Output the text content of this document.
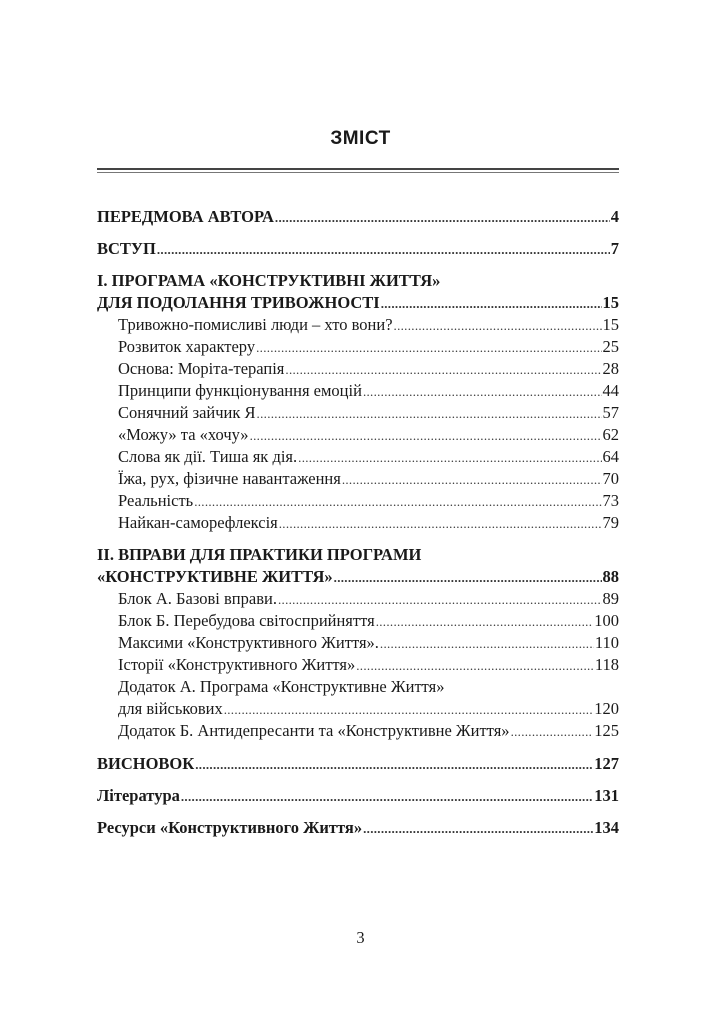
ЗМІСТ
ПЕРЕДМОВА АВТОРА .....	4
ВСТУП .....	7
І. ПРОГРАМА «КОНСТРУКТИВНІ ЖИТТЯ»
ДЛЯ ПОДОЛАННЯ ТРИВОЖНОСТІ .....	15
Тривожно-помисливі люди – хто вони? .....	15
Розвиток характеру .....	25
Основа: Моріта-терапія .....	28
Принципи функціонування емоцій .....	44
Сонячний зайчик Я .....	57
«Можу» та «хочу» .....	62
Слова як дії. Тиша як дія. .....	64
Їжа, рух, фізичне навантаження .....	70
Реальність .....	73
Найкан-саморефлексія .....	79
ІІ. ВПРАВИ ДЛЯ ПРАКТИКИ ПРОГРАМИ
«КОНСТРУКТИВНЕ ЖИТТЯ» .....	88
Блок А. Базові вправи. .....	89
Блок Б. Перебудова світосприйняття .....	100
Максими «Конструктивного Життя». .....	110
Історії «Конструктивного Життя» .....	118
Додаток А. Програма «Конструктивне Життя»
для військових .....	120
Додаток Б. Антидепресанти та «Конструктивне Життя» .....	125
ВИСНОВОК .....	127
Література .....	131
Ресурси «Конструктивного Життя» .....	134
3
